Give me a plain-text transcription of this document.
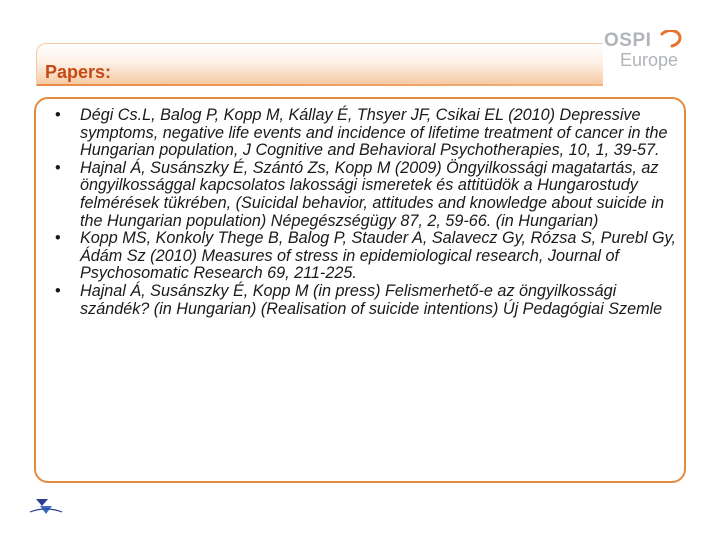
Papers:
OSPI
Europe
• Dégi Cs.L, Balog P, Kopp M, Kállay É, Thsyer JF, Csikai EL (2010) Depressive symptoms, negative life events and incidence of lifetime treatment of cancer in the Hungarian population, J Cognitive and Behavioral Psychotherapies, 10, 1, 39-57.
• Hajnal Á, Susánszky É, Szántó Zs, Kopp M (2009) Öngyilkossági magatartás, az öngyilkossággal kapcsolatos lakossági ismeretek és attitüdök a Hungarostudy felmérések tükrében, (Suicidal behavior, attitudes and knowledge about suicide in the Hungarian population) Népegészségügy 87, 2, 59-66. (in Hungarian)
• Kopp MS, Konkoly Thege B, Balog P, Stauder A, Salavecz Gy, Rózsa S, Purebl Gy, Ádám Sz (2010) Measures of stress in epidemiological research, Journal of Psychosomatic Research 69, 211-225.
• Hajnal Á, Susánszky É, Kopp M (in press) Felismerhető-e az öngyilkossági szándék? (in Hungarian) (Realisation of suicide intentions) Új Pedagógiai Szemle
